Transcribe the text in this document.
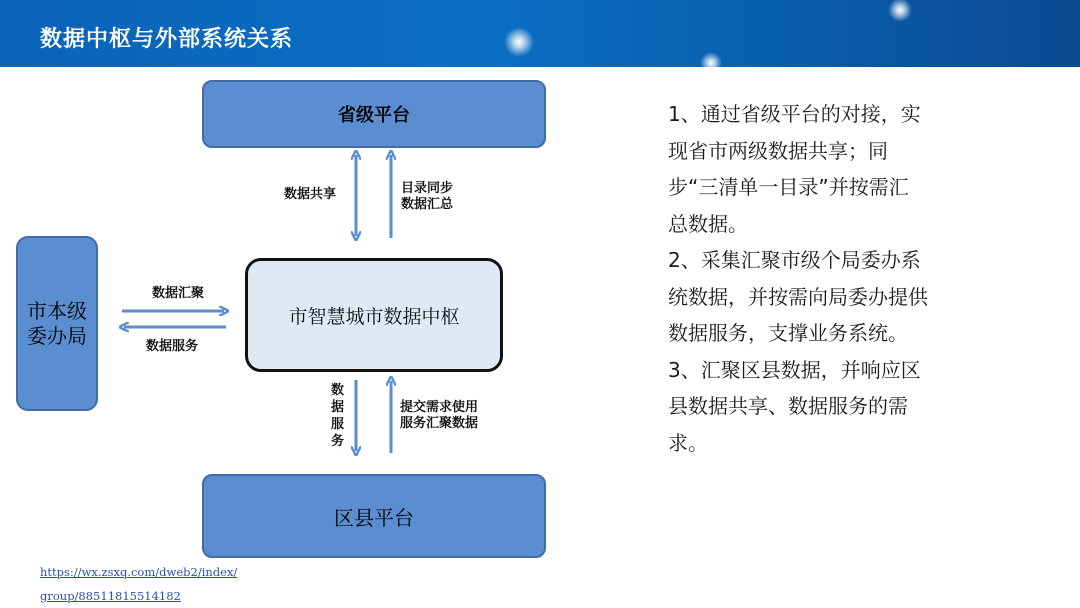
数据中枢与外部系统关系
省级平台
市智慧城市数据中枢
区县平台
市本级委办局
数据共享	目录同步
数据汇总
数据汇聚
数据服务
数据服务
提交需求使用
服务汇聚数据

1、通过省级平台的对接，实现省市两级数据共享；同步“三清单一目录”并按需汇总数据。

2、采集汇聚市级个局委办系统数据，并按需向局委办提供数据服务，支撑业务系统。

3、汇聚区县数据，并响应区县数据共享、数据服务的需求。

https://wx.zsxq.com/dweb2/index/group/88511815514182
